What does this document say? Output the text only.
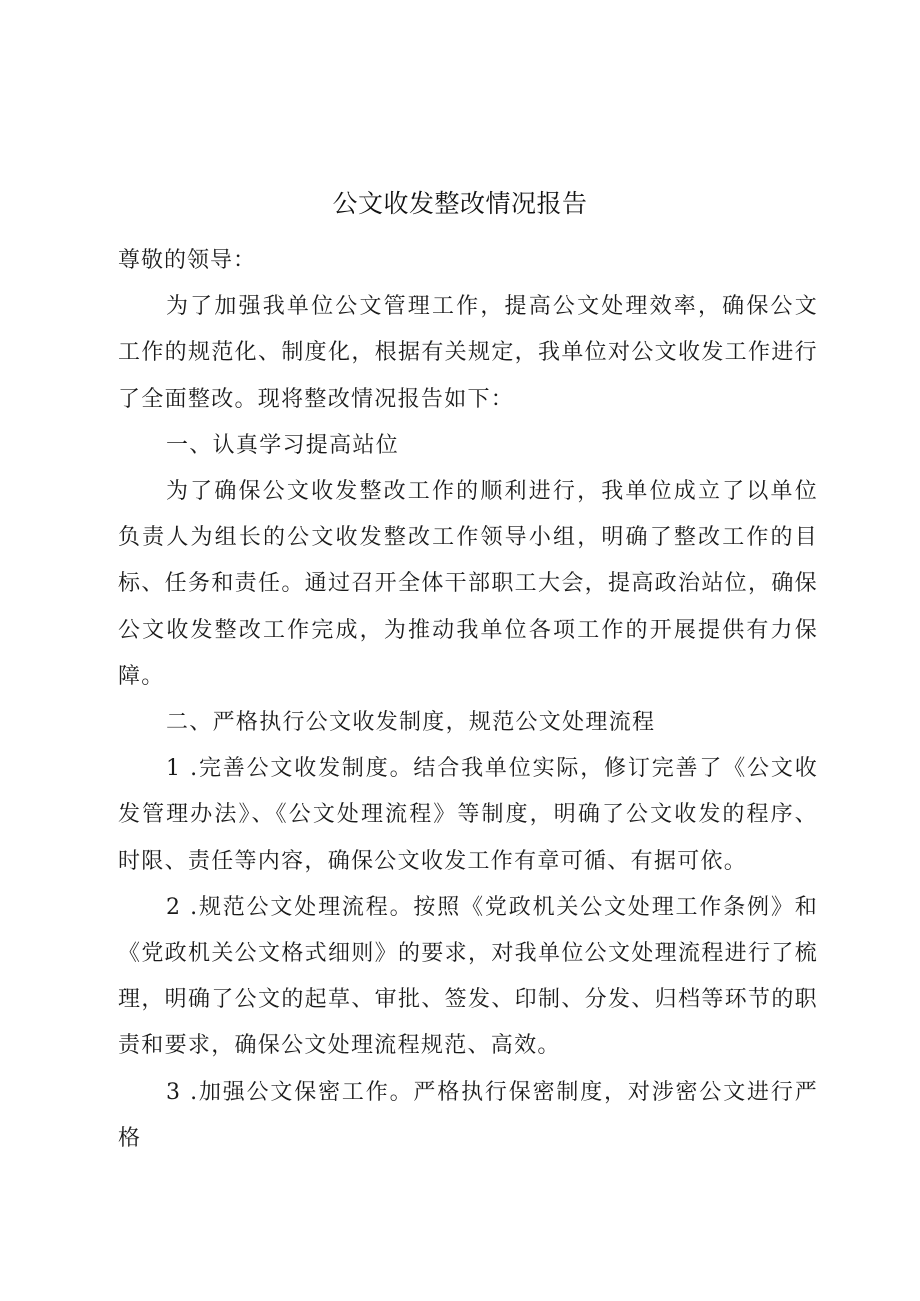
公文收发整改情况报告

尊敬的领导：

为了加强我单位公文管理工作，提高公文处理效率，确保公文工作的规范化、制度化，根据有关规定，我单位对公文收发工作进行了全面整改。现将整改情况报告如下：

一、认真学习提高站位

为了确保公文收发整改工作的顺利进行，我单位成立了以单位负责人为组长的公文收发整改工作领导小组，明确了整改工作的目标、任务和责任。通过召开全体干部职工大会，提高政治站位，确保公文收发整改工作完成，为推动我单位各项工作的开展提供有力保障。

二、严格执行公文收发制度，规范公文处理流程

1 .完善公文收发制度。结合我单位实际，修订完善了《公文收发管理办法》、《公文处理流程》等制度，明确了公文收发的程序、时限、责任等内容，确保公文收发工作有章可循、有据可依。

2 .规范公文处理流程。按照《党政机关公文处理工作条例》和《党政机关公文格式细则》的要求，对我单位公文处理流程进行了梳理，明确了公文的起草、审批、签发、印制、分发、归档等环节的职责和要求，确保公文处理流程规范、高效。

3 .加强公文保密工作。严格执行保密制度，对涉密公文进行严格
